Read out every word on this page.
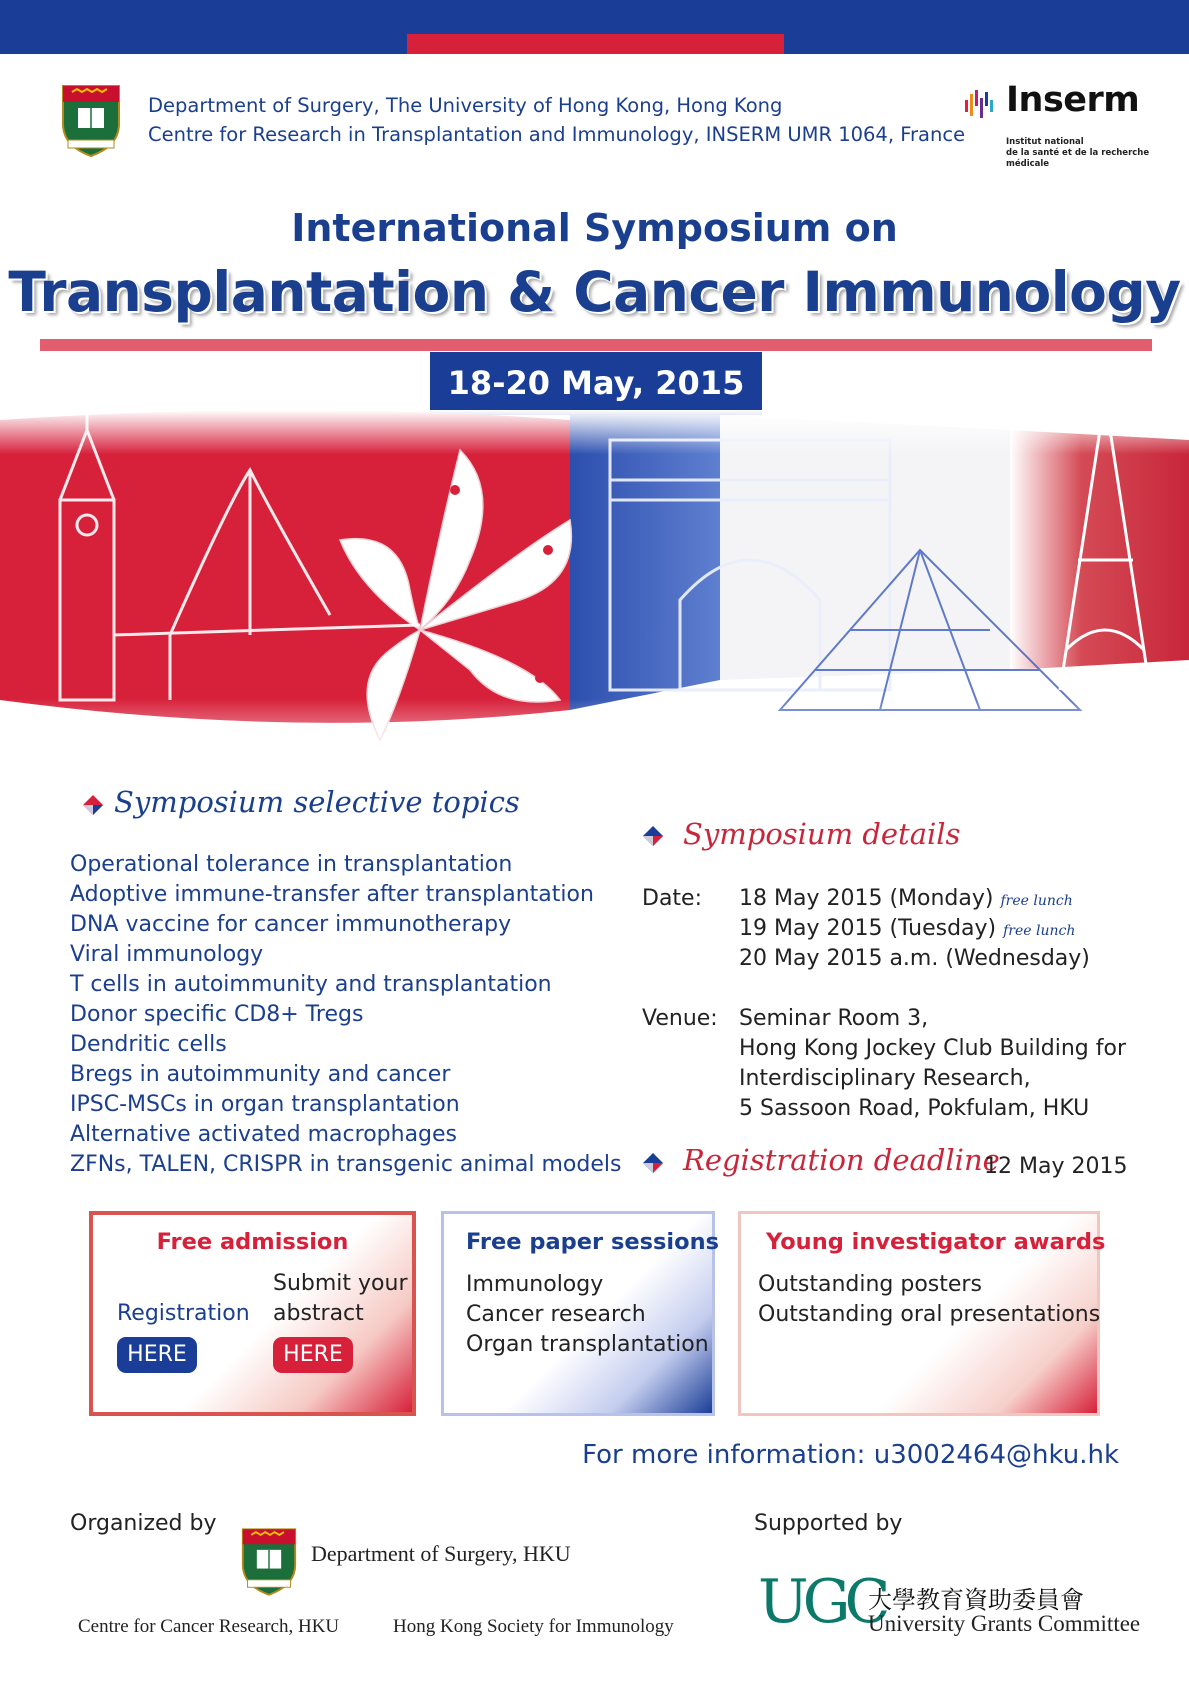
Department of Surgery, The University of Hong Kong, Hong Kong
Centre for Research in Transplantation and Immunology, INSERM UMR 1064, France
Inserm
Institut national
de la santé et de la recherche médicale
International Symposium on
Transplantation & Cancer Immunology
18-20 May, 2015
Symposium selective topics
Operational tolerance in transplantation
Adoptive immune-transfer after transplantation
DNA vaccine for cancer immunotherapy
Viral immunology
T cells in autoimmunity and transplantation
Donor specific CD8+ Tregs
Dendritic cells
Bregs in autoimmunity and cancer
IPSC-MSCs in organ transplantation
Alternative activated macrophages
ZFNs, TALEN, CRISPR in transgenic animal models
Symposium details
Date: 18 May 2015 (Monday) free lunch
19 May 2015 (Tuesday) free lunch
20 May 2015 a.m. (Wednesday)
Venue: Seminar Room 3,
Hong Kong Jockey Club Building for
Interdisciplinary Research,
5 Sassoon Road, Pokfulam, HKU
Registration deadline
12 May 2015
Free admission
Registration
Submit your
abstract
HERE	HERE
Free paper sessions
Immunology
Cancer research
Organ transplantation
Young investigator awards
Outstanding posters
Outstanding oral presentations
For more information: u3002464@hku.hk
Organized by
Department of Surgery, HKU
Centre for Cancer Research, HKU	Hong Kong Society for Immunology
Supported by
UGC
大學教育資助委員會
University Grants Committee
